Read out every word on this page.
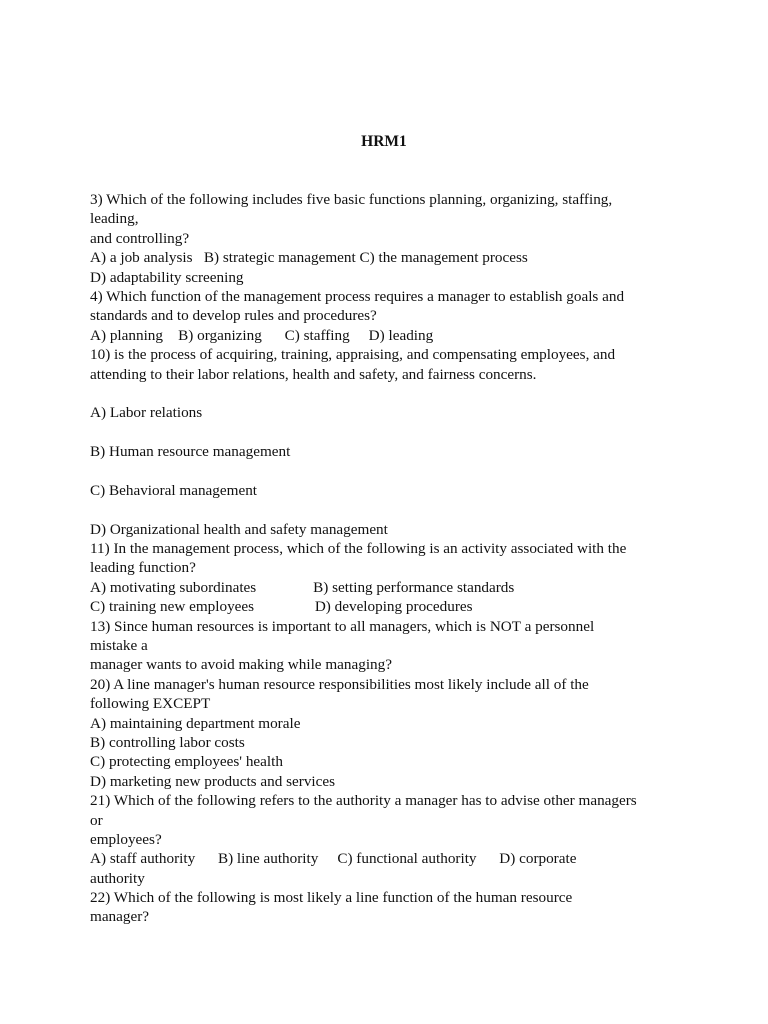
HRM1
3) Which of the following includes five basic functions planning, organizing, staffing,
leading,
and controlling?
A) a job analysis   B) strategic management C) the management process
D) adaptability screening
4) Which function of the management process requires a manager to establish goals and
standards and to develop rules and procedures?
A) planning    B) organizing      C) staffing     D) leading
10) is the process of acquiring, training, appraising, and compensating employees, and
attending to their labor relations, health and safety, and fairness concerns.
A) Labor relations
B) Human resource management
C) Behavioral management
D) Organizational health and safety management
11) In the management process, which of the following is an activity associated with the
leading function?
A) motivating subordinates               B) setting performance standards
C) training new employees                D) developing procedures
13) Since human resources is important to all managers, which is NOT a personnel
mistake a
manager wants to avoid making while managing?
20) A line manager's human resource responsibilities most likely include all of the
following EXCEPT
A) maintaining department morale
B) controlling labor costs
C) protecting employees' health
D) marketing new products and services
21) Which of the following refers to the authority a manager has to advise other managers
or
employees?
A) staff authority      B) line authority     C) functional authority      D) corporate
authority
22) Which of the following is most likely a line function of the human resource
manager?
